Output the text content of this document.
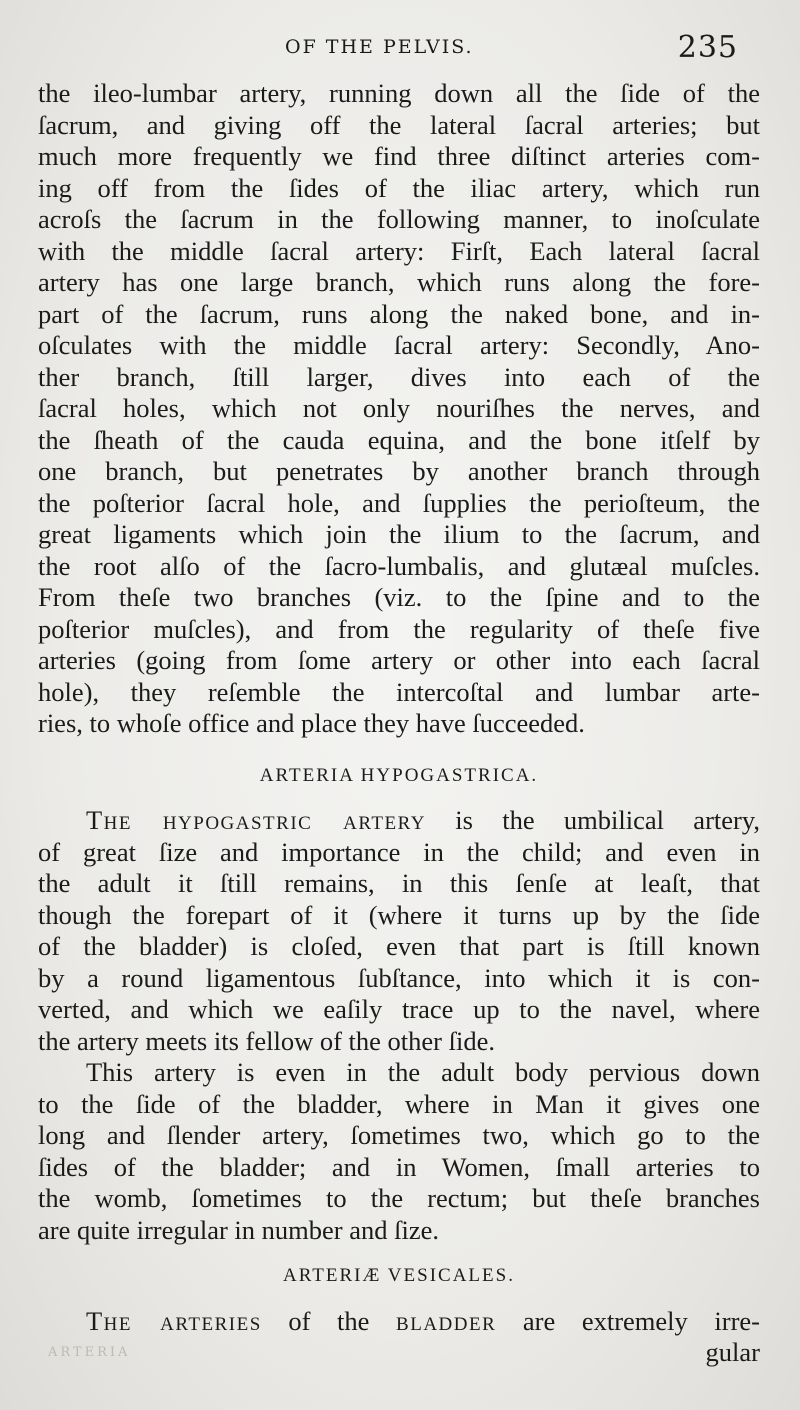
OF THE PELVIS.	235
the ileo-lumbar artery, running down all the ſide of the
ſacrum, and giving off the lateral ſacral arteries; but
much more frequently we find three diſtinct arteries com-
ing off from the ſides of the iliac artery, which run
acroſs the ſacrum in the following manner, to inoſculate
with the middle ſacral artery: Firſt, Each lateral ſacral
artery has one large branch, which runs along the fore-
part of the ſacrum, runs along the naked bone, and in-
oſculates with the middle ſacral artery: Secondly, Ano-
ther branch, ſtill larger, dives into each of the
ſacral holes, which not only nouriſhes the nerves, and
the ſheath of the cauda equina, and the bone itſelf by
one branch, but penetrates by another branch through
the poſterior ſacral hole, and ſupplies the perioſteum, the
great ligaments which join the ilium to the ſacrum, and
the root alſo of the ſacro-lumbalis, and glutæal muſcles.
From theſe two branches (viz. to the ſpine and to the
poſterior muſcles), and from the regularity of theſe five
arteries (going from ſome artery or other into each ſacral
hole), they reſemble the intercoſtal and lumbar arte-
ries, to whoſe office and place they have ſucceeded.
ARTERIA HYPOGASTRICA.
The hypogastric artery is the umbilical artery,
of great ſize and importance in the child; and even in
the adult it ſtill remains, in this ſenſe at leaſt, that
though the forepart of it (where it turns up by the ſide
of the bladder) is cloſed, even that part is ſtill known
by a round ligamentous ſubſtance, into which it is con-
verted, and which we eaſily trace up to the navel, where
the artery meets its fellow of the other ſide.
This artery is even in the adult body pervious down
to the ſide of the bladder, where in Man it gives one
long and ſlender artery, ſometimes two, which go to the
ſides of the bladder; and in Women, ſmall arteries to
the womb, ſometimes to the rectum; but theſe branches
are quite irregular in number and ſize.
ARTERIÆ VESICALES.
The arteries of the bladder are extremely irre-
gular
ARTERIA
